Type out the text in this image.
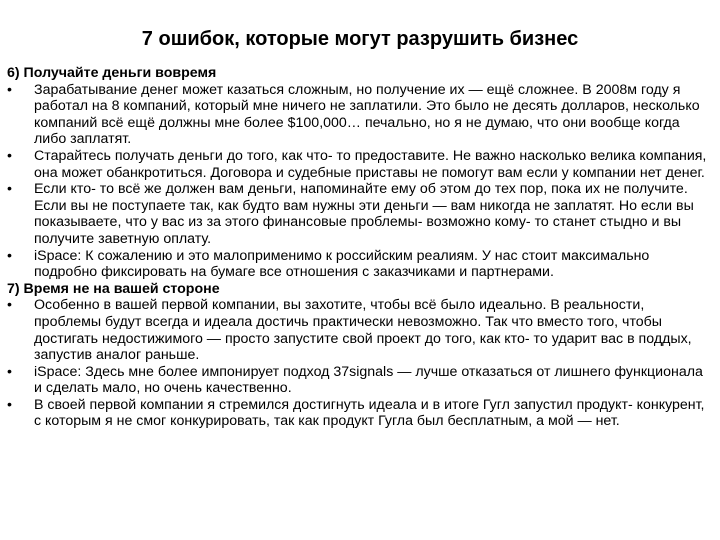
7 ошибок, которые могут разрушить бизнес

6) Получайте деньги вовремя

•	Зарабатывание денег может казаться сложным, но получение их — ещё сложнее. В 2008м году я работал на 8 компаний, который мне ничего не заплатили. Это было не десять долларов, несколько компаний всё ещё должны мне более $100,000… печально, но я не думаю, что они вообще когда либо заплатят.
•	Старайтесь получать деньги до того, как что- то предоставите. Не важно насколько велика компания, она может обанкротиться. Договора и судебные приставы не помогут вам если у компании нет денег.
•	Если кто- то всё же должен вам деньги, напоминайте ему об этом до тех пор, пока их не получите. Если вы не поступаете так, как будто вам нужны эти деньги — вам никогда не заплатят. Но если вы показываете, что у вас из за этого финансовые проблемы- возможно кому- то станет стыдно и вы получите заветную оплату.
•	iSpace: К сожалению и это малоприменимо к российским реалиям. У нас стоит максимально подробно фиксировать на бумаге все отношения с заказчиками и партнерами.

7) Время не на вашей стороне

•	Особенно в вашей первой компании, вы захотите, чтобы всё было идеально. В реальности, проблемы будут всегда и идеала достичь практически невозможно. Так что вместо того, чтобы достигать недостижимого — просто запустите свой проект до того, как кто- то ударит вас в поддых, запустив аналог раньше.
•	iSpace: Здесь мне более импонирует подход 37signals — лучше отказаться от лишнего функционала и сделать мало, но очень качественно.
•	В своей первой компании я стремился достигнуть идеала и в итоге Гугл запустил продукт- конкурент, с которым я не смог конкурировать, так как продукт Гугла был бесплатным, а мой — нет.
